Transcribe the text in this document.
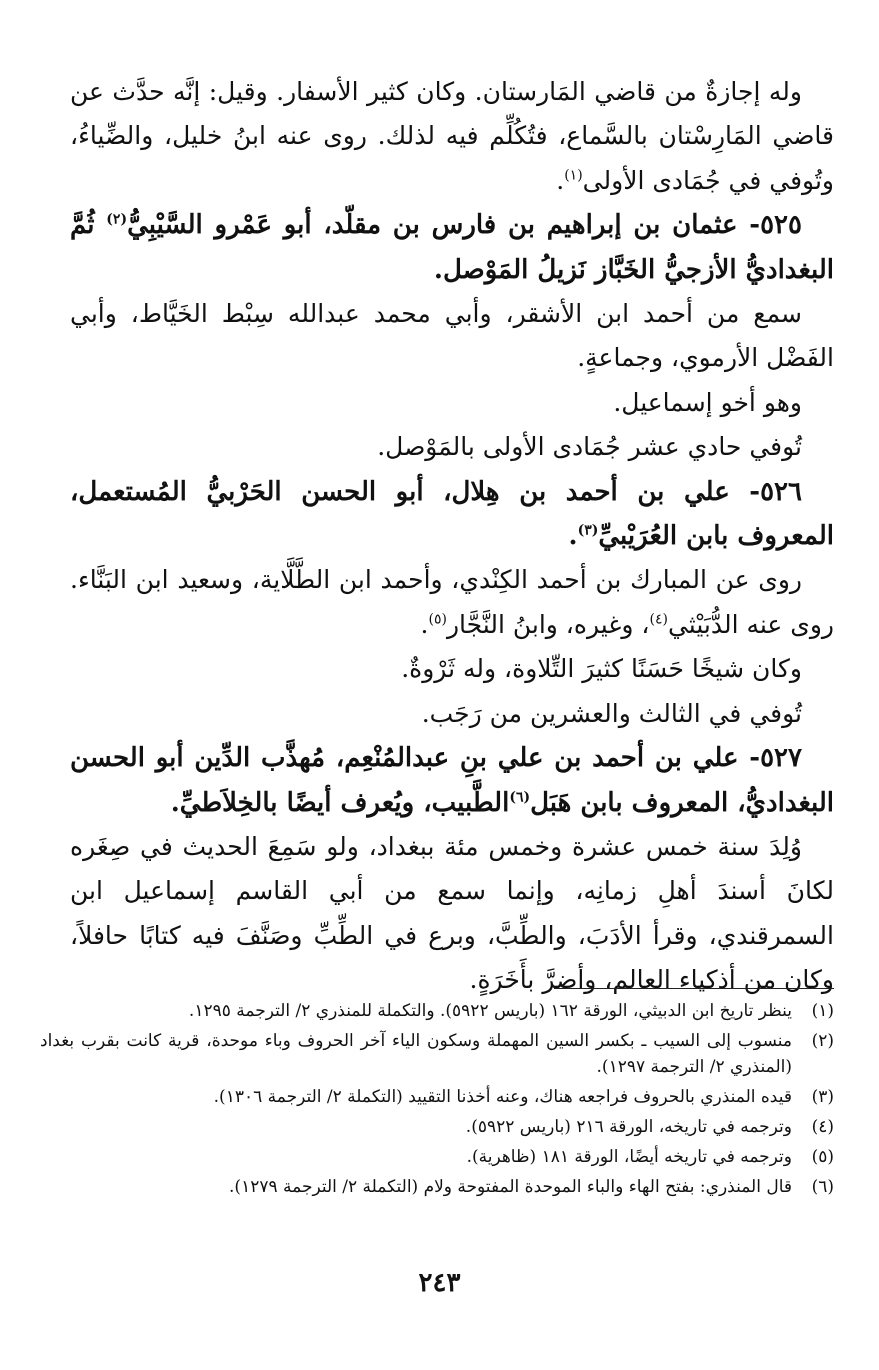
وله إجازةٌ من قاضي المَارستان. وكان كثير الأسفار. وقيل: إنَّه حدَّث عن قاضي المَارِسْتان بالسَّماع، فتُكُلِّم فيه لذلك. روى عنه ابنُ خليل، والضِّياءُ، وتُوفي في جُمَادى الأولى$^{(١)}$.

٥٢٥- عثمان بن إبراهيم بن فارس بن مقلّد، أبو عَمْرو السَّيْبِيُّ$^{(٢)}$ ثُمَّ البغداديُّ الأزجيُّ الخَبَّاز نَزيلُ المَوْصل.

سمع من أحمد ابن الأشقر، وأبي محمد عبدالله سِبْط الخَيَّاط، وأبي الفَضْل الأرموي، وجماعةٍ.

وهو أخو إسماعيل.

تُوفي حادي عشر جُمَادى الأولى بالمَوْصل.

٥٢٦- علي بن أحمد بن هِلال، أبو الحسن الحَرْبيُّ المُستعمل، المعروف بابن العُرَيْبيِّ$^{(٣)}$.

روى عن المبارك بن أحمد الكِنْدي، وأحمد ابن الطَّلَّاية، وسعيد ابن البَنَّاء. روى عنه الدُّبَيْثي$^{(٤)}$، وغيره، وابنُ النَّجَّار$^{(٥)}$.

وكان شيخًا حَسَنًا كثيرَ التِّلاوة، وله ثَرْوةٌ.

تُوفي في الثالث والعشرين من رَجَب.

٥٢٧- علي بن أحمد بن علي بنِ عبدالمُنْعِم، مُهذَّب الدِّين أبو الحسن البغداديُّ، المعروف بابن هَبَل$^{(٦)}$الطَّبيب، ويُعرف أيضًا بالخِلاَطيِّ.

وُلِدَ سنة خمس عشرة وخمس مئة ببغداد، ولو سَمِعَ الحديث في صِغَره لكانَ أسندَ أهلِ زمانِه، وإنما سمع من أبي القاسم إسماعيل ابن السمرقندي، وقرأ الأدَبَ، والطِّبَّ، وبرع في الطِّبِّ وصَنَّفَ فيه كتابًا حافلاً، وكان من أذكياء العالم، وأضرَّ بأَخَرَةٍ.

(١)
ينظر تاريخ ابن الدبيثي، الورقة ١٦٢ (باريس ٥٩٢٢). والتكملة للمنذري ٢/ الترجمة ١٢٩٥.
(٢)
منسوب إلى السيب ـ بكسر السين المهملة وسكون الياء آخر الحروف وباء موحدة، قرية كانت بقرب بغداد (المنذري ٢/ الترجمة ١٢٩٧).
(٣)
قيده المنذري بالحروف فراجعه هناك، وعنه أخذنا التقييد (التكملة ٢/ الترجمة ١٣٠٦).
(٤)
وترجمه في تاريخه، الورقة ٢١٦ (باريس ٥٩٢٢).
(٥)
وترجمه في تاريخه أيضًا، الورقة ١٨١ (ظاهرية).
(٦)
قال المنذري: بفتح الهاء والباء الموحدة المفتوحة ولام (التكملة ٢/ الترجمة ١٢٧٩).
٢٤٣
